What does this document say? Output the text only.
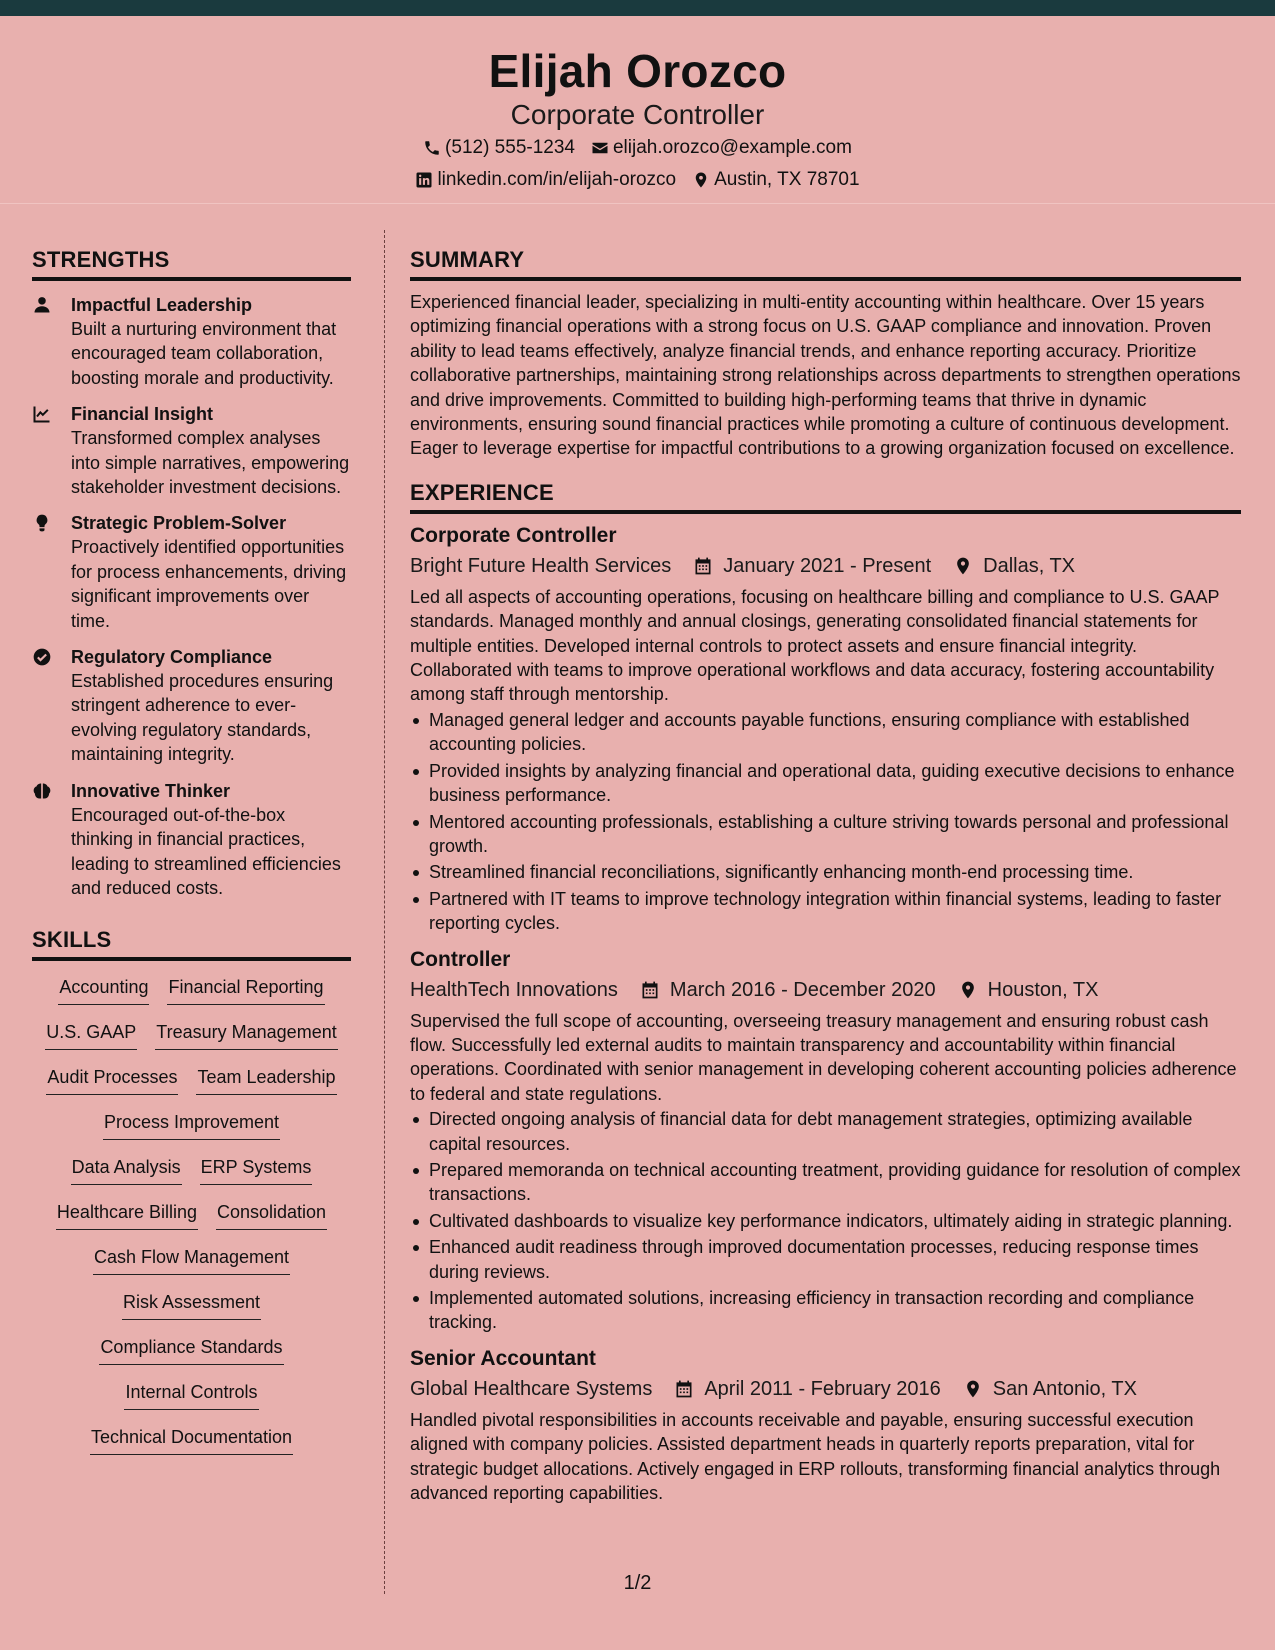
Elijah Orozco
Corporate Controller
(512) 555-1234 elijah.orozco@example.com
linkedin.com/in/elijah-orozco Austin, TX 78701
STRENGTHS
Impactful Leadership
Built a nurturing environment that encouraged team collaboration, boosting morale and productivity.
Financial Insight
Transformed complex analyses into simple narratives, empowering stakeholder investment decisions.
Strategic Problem-Solver
Proactively identified opportunities for process enhancements, driving significant improvements over time.
Regulatory Compliance
Established procedures ensuring stringent adherence to ever-evolving regulatory standards, maintaining integrity.
Innovative Thinker
Encouraged out-of-the-box thinking in financial practices, leading to streamlined efficiencies and reduced costs.
SKILLS
Accounting Financial Reporting
U.S. GAAP Treasury Management
Audit Processes Team Leadership
Process Improvement
Data Analysis ERP Systems
Healthcare Billing Consolidation
Cash Flow Management
Risk Assessment
Compliance Standards
Internal Controls
Technical Documentation
SUMMARY
Experienced financial leader, specializing in multi-entity accounting within healthcare. Over 15 years optimizing financial operations with a strong focus on U.S. GAAP compliance and innovation. Proven ability to lead teams effectively, analyze financial trends, and enhance reporting accuracy. Prioritize collaborative partnerships, maintaining strong relationships across departments to strengthen operations and drive improvements. Committed to building high-performing teams that thrive in dynamic environments, ensuring sound financial practices while promoting a culture of continuous development. Eager to leverage expertise for impactful contributions to a growing organization focused on excellence.
EXPERIENCE
Corporate Controller
Bright Future Health Services	January 2021 - Present	Dallas, TX
Led all aspects of accounting operations, focusing on healthcare billing and compliance to U.S. GAAP standards. Managed monthly and annual closings, generating consolidated financial statements for multiple entities. Developed internal controls to protect assets and ensure financial integrity. Collaborated with teams to improve operational workflows and data accuracy, fostering accountability among staff through mentorship.
Managed general ledger and accounts payable functions, ensuring compliance with established accounting policies.
Provided insights by analyzing financial and operational data, guiding executive decisions to enhance business performance.
Mentored accounting professionals, establishing a culture striving towards personal and professional growth.
Streamlined financial reconciliations, significantly enhancing month-end processing time.
Partnered with IT teams to improve technology integration within financial systems, leading to faster reporting cycles.
Controller
HealthTech Innovations	March 2016 - December 2020	Houston, TX
Supervised the full scope of accounting, overseeing treasury management and ensuring robust cash flow. Successfully led external audits to maintain transparency and accountability within financial operations. Coordinated with senior management in developing coherent accounting policies adherence to federal and state regulations.
Directed ongoing analysis of financial data for debt management strategies, optimizing available capital resources.
Prepared memoranda on technical accounting treatment, providing guidance for resolution of complex transactions.
Cultivated dashboards to visualize key performance indicators, ultimately aiding in strategic planning.
Enhanced audit readiness through improved documentation processes, reducing response times during reviews.
Implemented automated solutions, increasing efficiency in transaction recording and compliance tracking.
Senior Accountant
Global Healthcare Systems	April 2011 - February 2016	San Antonio, TX
Handled pivotal responsibilities in accounts receivable and payable, ensuring successful execution aligned with company policies. Assisted department heads in quarterly reports preparation, vital for strategic budget allocations. Actively engaged in ERP rollouts, transforming financial analytics through advanced reporting capabilities.
1/2
